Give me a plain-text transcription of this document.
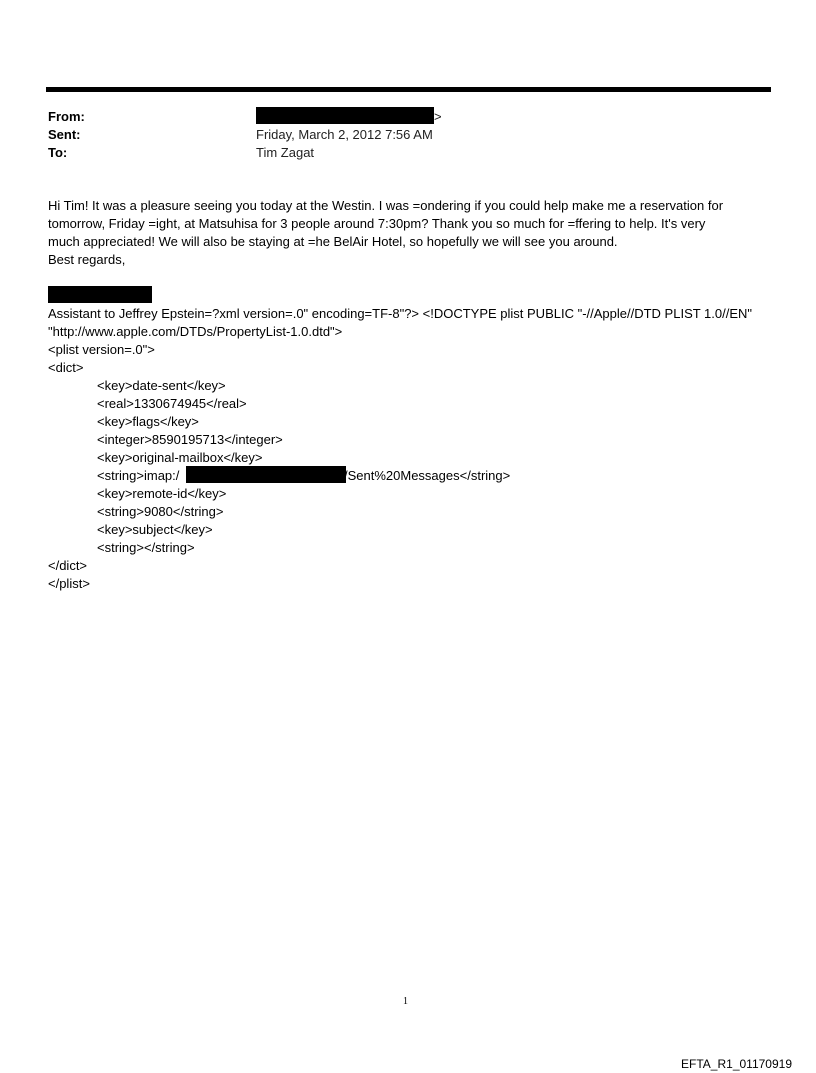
From:	>
Sent:	Friday, March 2, 2012 7:56 AM
To:	Tim Zagat
Hi Tim! It was a pleasure seeing you today at the Westin. I was =ondering if you could help make me a reservation for
tomorrow, Friday =ight, at Matsuhisa for 3 people around 7:30pm? Thank you so much for =ffering to help. It's very
much appreciated! We will also be staying at =he BelAir Hotel, so hopefully we will see you around.
Best regards,
Assistant to Jeffrey Epstein=?xml version=.0" encoding=TF-8"?> <!DOCTYPE plist PUBLIC "-//Apple//DTD PLIST 1.0//EN"
"http://www.apple.com/DTDs/PropertyList-1.0.dtd">
<plist version=.0">
<dict>
<key>date-sent</key>
<real>1330674945</real>
<key>flags</key>
<integer>8590195713</integer>
<key>original-mailbox</key>
<string>imap:/	/Sent%20Messages</string>
<key>remote-id</key>
<string>9080</string>
<key>subject</key>
<string></string>
</dict>
</plist>
1
EFTA_R1_01170919
